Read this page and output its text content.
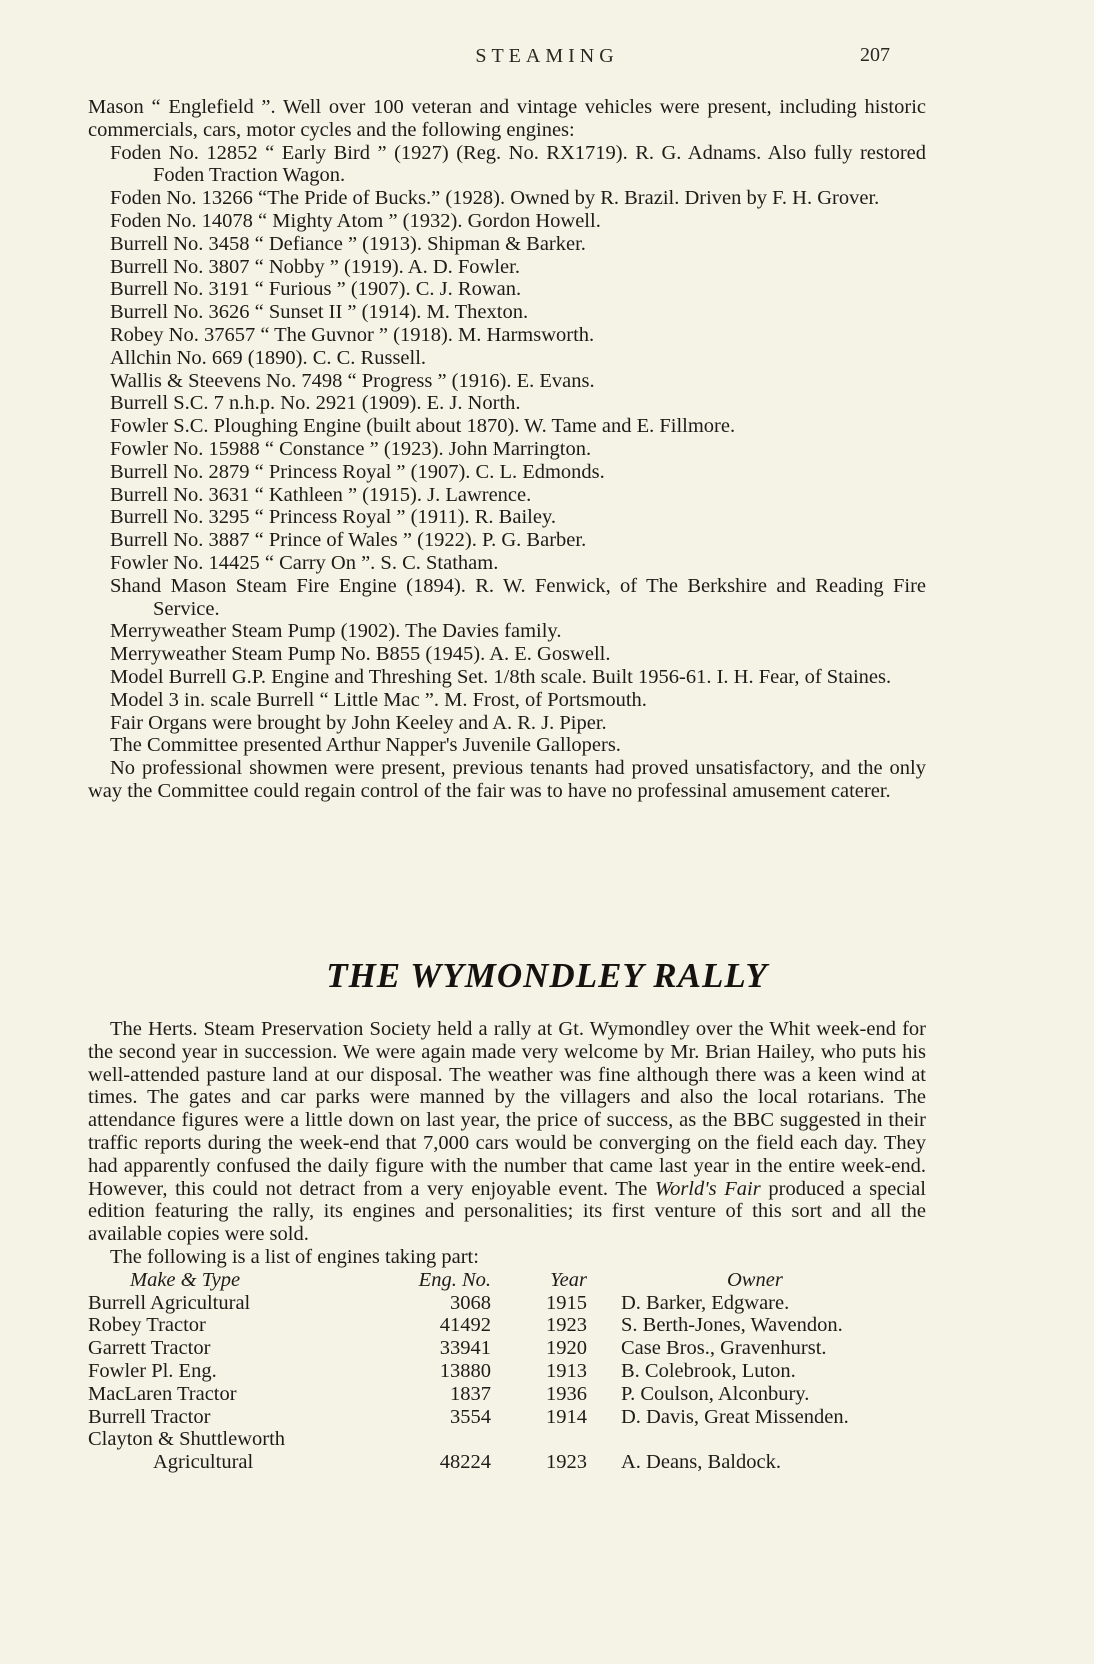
STEAMING	207
Mason “ Englefield ”. Well over 100 veteran and vintage vehicles were present, including historic commercials, cars, motor cycles and the following engines:
Foden No. 12852 “ Early Bird ” (1927) (Reg. No. RX1719). R. G. Adnams. Also fully restored Foden Traction Wagon.
Foden No. 13266 “The Pride of Bucks.” (1928). Owned by R. Brazil. Driven by F. H. Grover.
Foden No. 14078 “ Mighty Atom ” (1932). Gordon Howell.
Burrell No. 3458 “ Defiance ” (1913). Shipman & Barker.
Burrell No. 3807 “ Nobby ” (1919). A. D. Fowler.
Burrell No. 3191 “ Furious ” (1907). C. J. Rowan.
Burrell No. 3626 “ Sunset II ” (1914). M. Thexton.
Robey No. 37657 “ The Guvnor ” (1918). M. Harmsworth.
Allchin No. 669 (1890). C. C. Russell.
Wallis & Steevens No. 7498 “ Progress ” (1916). E. Evans.
Burrell S.C. 7 n.h.p. No. 2921 (1909). E. J. North.
Fowler S.C. Ploughing Engine (built about 1870). W. Tame and E. Fillmore.
Fowler No. 15988 “ Constance ” (1923). John Marrington.
Burrell No. 2879 “ Princess Royal ” (1907). C. L. Edmonds.
Burrell No. 3631 “ Kathleen ” (1915). J. Lawrence.
Burrell No. 3295 “ Princess Royal ” (1911). R. Bailey.
Burrell No. 3887 “ Prince of Wales ” (1922). P. G. Barber.
Fowler No. 14425 “ Carry On ”. S. C. Statham.
Shand Mason Steam Fire Engine (1894). R. W. Fenwick, of The Berkshire and Reading Fire Service.
Merryweather Steam Pump (1902). The Davies family.
Merryweather Steam Pump No. B855 (1945). A. E. Goswell.
Model Burrell G.P. Engine and Threshing Set. 1/8th scale. Built 1956-61. I. H. Fear, of Staines.
Model 3 in. scale Burrell “ Little Mac ”. M. Frost, of Portsmouth.
Fair Organs were brought by John Keeley and A. R. J. Piper.
The Committee presented Arthur Napper's Juvenile Gallopers.
No professional showmen were present, previous tenants had proved unsatisfactory, and the only way the Committee could regain control of the fair was to have no professinal amusement caterer.
THE WYMONDLEY RALLY
The Herts. Steam Preservation Society held a rally at Gt. Wymondley over the Whit week-end for the second year in succession. We were again made very welcome by Mr. Brian Hailey, who puts his well-attended pasture land at our disposal. The weather was fine although there was a keen wind at times. The gates and car parks were manned by the villagers and also the local rotarians. The attendance figures were a little down on last year, the price of success, as the BBC suggested in their traffic reports during the week-end that 7,000 cars would be converging on the field each day. They had apparently confused the daily figure with the number that came last year in the entire week-end. However, this could not detract from a very enjoyable event. The World's Fair produced a special edition featuring the rally, its engines and personalities; its first venture of this sort and all the available copies were sold.
The following is a list of engines taking part:
Make & Type	Eng. No.	Year	Owner
Burrell Agricultural	3068	1915	D. Barker, Edgware.
Robey Tractor	41492	1923	S. Berth-Jones, Wavendon.
Garrett Tractor	33941	1920	Case Bros., Gravenhurst.
Fowler Pl. Eng.	13880	1913	B. Colebrook, Luton.
MacLaren Tractor	1837	1936	P. Coulson, Alconbury.
Burrell Tractor	3554	1914	D. Davis, Great Missenden.
Clayton & Shuttleworth			
Agricultural	48224	1923	A. Deans, Baldock.
